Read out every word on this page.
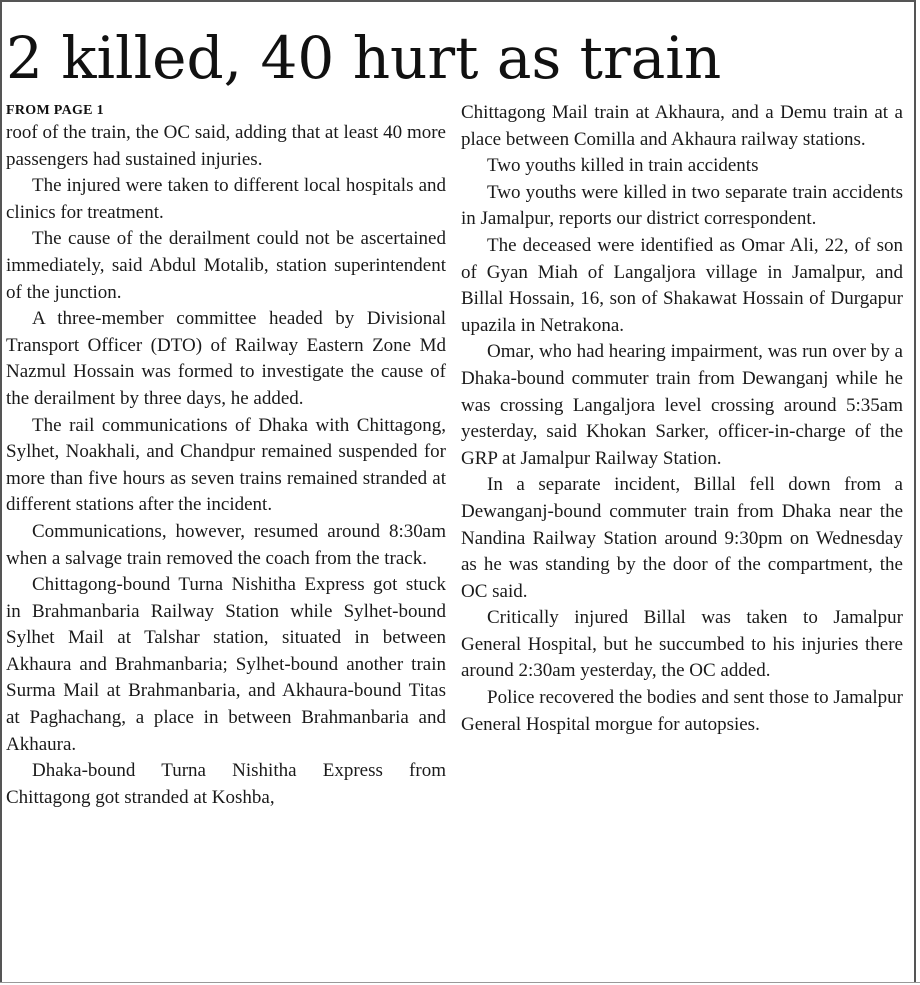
2 killed, 40 hurt as train

FROM PAGE 1

roof of the train, the OC said, adding that at least 40 more passengers had sustained injuries.

The injured were taken to different local hospitals and clinics for treatment.

The cause of the derailment could not be ascertained immediately, said Abdul Motalib, station superintendent of the junction.

A three-member committee headed by Divisional Transport Officer (DTO) of Railway Eastern Zone Md Nazmul Hossain was formed to investigate the cause of the derailment by three days, he added.

The rail communications of Dhaka with Chittagong, Sylhet, Noakhali, and Chandpur remained suspended for more than five hours as seven trains remained stranded at different stations after the incident.

Communications, however, resumed around 8:30am when a salvage train removed the coach from the track.

Chittagong-bound Turna Nishitha Express got stuck in Brahmanbaria Railway Station while Sylhet-bound Sylhet Mail at Talshar station, situated in between Akhaura and Brahmanbaria; Sylhet-bound another train Surma Mail at Brahmanbaria, and Akhaura-bound Titas at Paghachang, a place in between Brahmanbaria and Akhaura.

Dhaka-bound Turna Nishitha Express from Chittagong got stranded at Koshba,

Chittagong Mail train at Akhaura, and a Demu train at a place between Comilla and Akhaura railway stations.

Two youths killed in train accidents

Two youths were killed in two separate train accidents in Jamalpur, reports our district correspondent.

The deceased were identified as Omar Ali, 22, of son of Gyan Miah of Langaljora village in Jamalpur, and Billal Hossain, 16, son of Shakawat Hossain of Durgapur upazila in Netrakona.

Omar, who had hearing impairment, was run over by a Dhaka-bound commuter train from Dewanganj while he was crossing Langaljora level crossing around 5:35am yesterday, said Khokan Sarker, officer-in-charge of the GRP at Jamalpur Railway Station.

In a separate incident, Billal fell down from a Dewanganj-bound commuter train from Dhaka near the Nandina Railway Station around 9:30pm on Wednesday as he was standing by the door of the compartment, the OC said.

Critically injured Billal was taken to Jamalpur General Hospital, but he succumbed to his injuries there around 2:30am yesterday, the OC added.

Police recovered the bodies and sent those to Jamalpur General Hospital morgue for autopsies.
